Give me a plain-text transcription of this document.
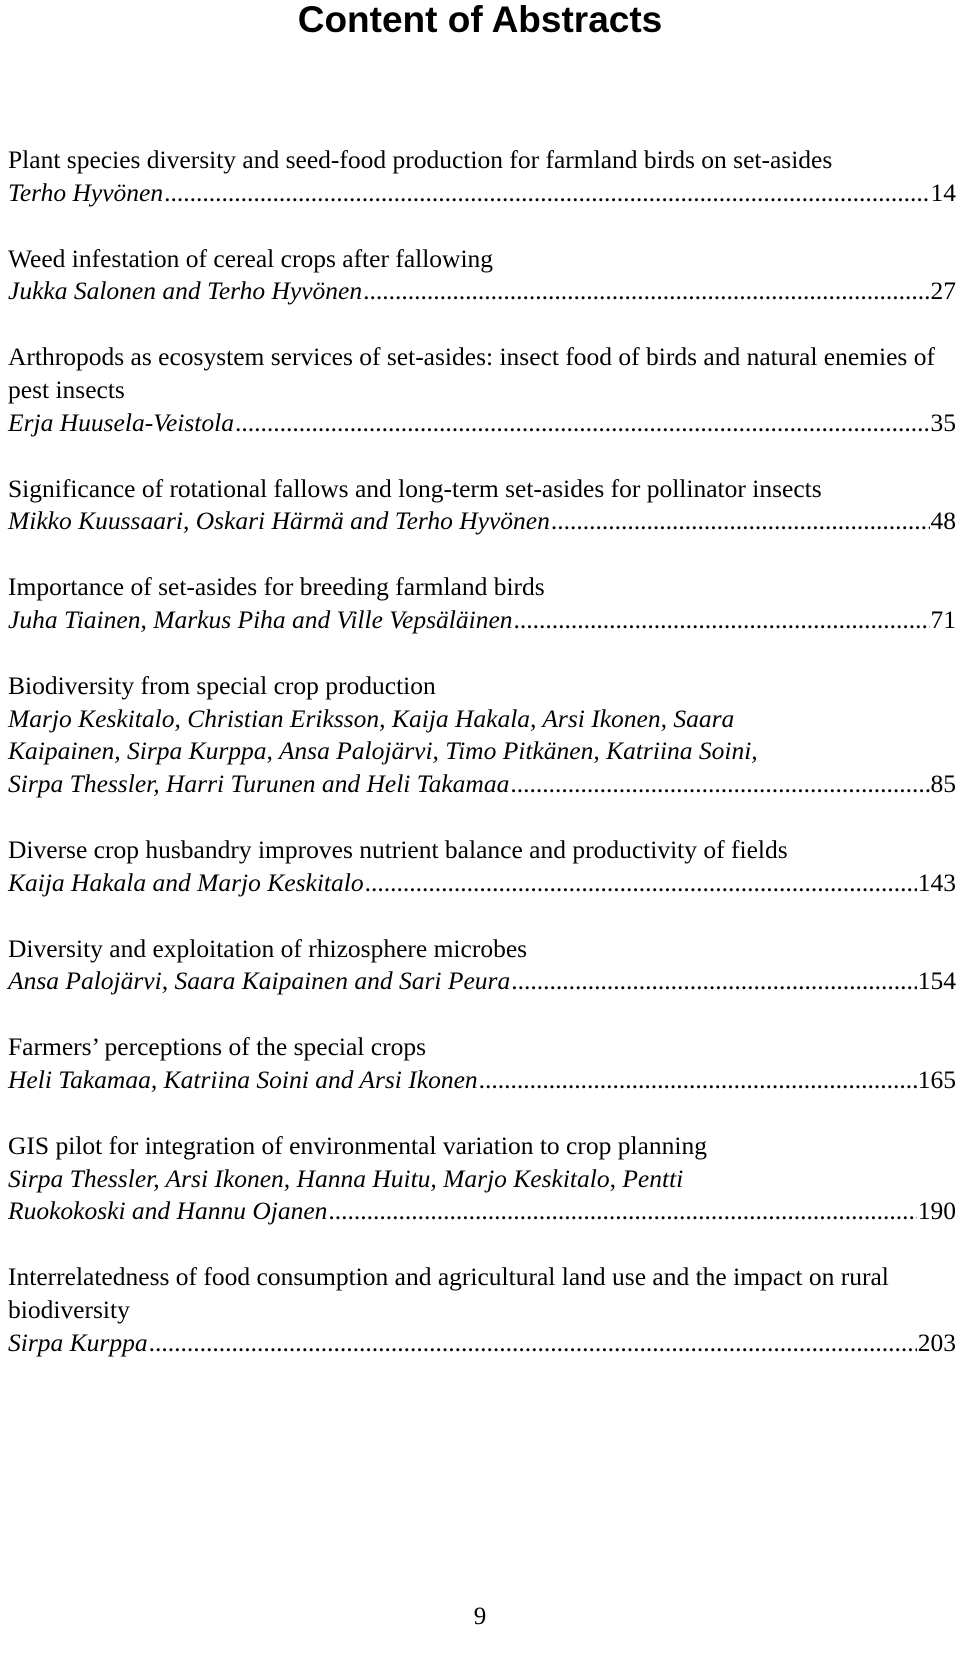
Content of Abstracts
Plant species diversity and seed-food production for farmland birds on set-asides
Terho Hyvönen .....	14
Weed infestation of cereal crops after fallowing
Jukka Salonen and Terho Hyvönen .....	27
Arthropods as ecosystem services of set-asides: insect food of birds and natural enemies of pest insects
Erja Huusela-Veistola .....	35
Significance of rotational fallows and long-term set-asides for pollinator insects
Mikko Kuussaari, Oskari Härmä and Terho Hyvönen .....	48
Importance of set-asides for breeding farmland birds
Juha Tiainen, Markus Piha and Ville Vepsäläinen .....	71
Biodiversity from special crop production
Marjo Keskitalo, Christian Eriksson, Kaija Hakala, Arsi Ikonen, Saara
Kaipainen, Sirpa Kurppa, Ansa Palojärvi, Timo Pitkänen, Katriina Soini,
Sirpa Thessler, Harri Turunen and Heli Takamaa .....	85
Diverse crop husbandry improves nutrient balance and productivity of fields
Kaija Hakala and Marjo Keskitalo .....	143
Diversity and exploitation of rhizosphere microbes
Ansa Palojärvi, Saara Kaipainen and Sari Peura .....	154
Farmers’ perceptions of the special crops
Heli Takamaa, Katriina Soini and Arsi Ikonen .....	165
GIS pilot for integration of environmental variation to crop planning
Sirpa Thessler, Arsi Ikonen, Hanna Huitu, Marjo Keskitalo, Pentti
Ruokokoski and Hannu Ojanen .....	190
Interrelatedness of food consumption and agricultural land use and the impact on rural biodiversity
Sirpa Kurppa .....	203
9
